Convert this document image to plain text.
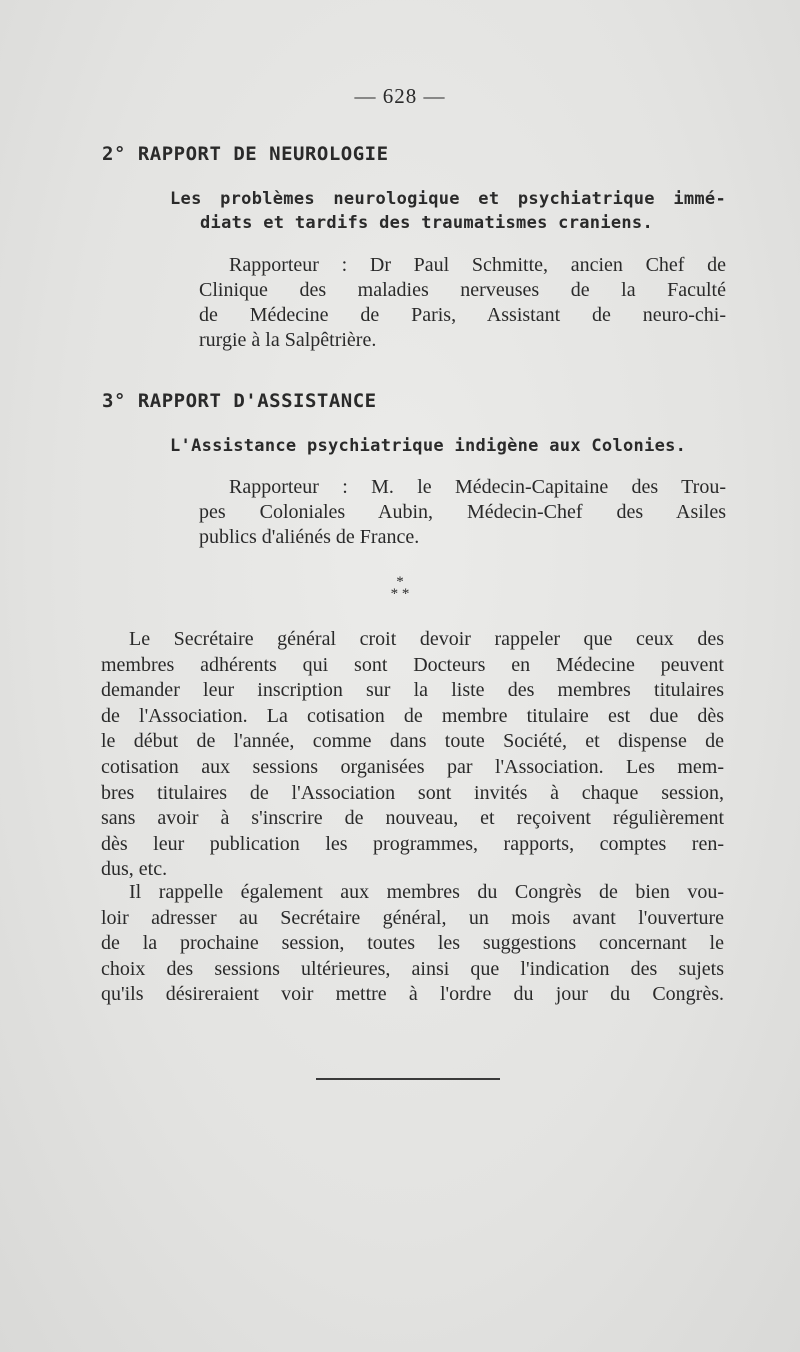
— 628 —
2° RAPPORT DE NEUROLOGIE
Les problèmes neurologique et psychiatrique immé-
diats et tardifs des traumatismes craniens.
Rapporteur : Dr Paul Schmitte, ancien Chef de
Clinique des maladies nerveuses de la Faculté
de Médecine de Paris, Assistant de neuro-chi-
rurgie à la Salpêtrière.
3° RAPPORT D'ASSISTANCE
L'Assistance psychiatrique indigène aux Colonies.
Rapporteur : M. le Médecin-Capitaine des Trou-
pes Coloniales Aubin, Médecin-Chef des Asiles
publics d'aliénés de France.
*
* *
Le Secrétaire général croit devoir rappeler que ceux des
membres adhérents qui sont Docteurs en Médecine peuvent
demander leur inscription sur la liste des membres titulaires
de l'Association. La cotisation de membre titulaire est due dès
le début de l'année, comme dans toute Société, et dispense de
cotisation aux sessions organisées par l'Association. Les mem-
bres titulaires de l'Association sont invités à chaque session,
sans avoir à s'inscrire de nouveau, et reçoivent régulièrement
dès leur publication les programmes, rapports, comptes ren-
dus, etc.
Il rappelle également aux membres du Congrès de bien vou-
loir adresser au Secrétaire général, un mois avant l'ouverture
de la prochaine session, toutes les suggestions concernant le
choix des sessions ultérieures, ainsi que l'indication des sujets
qu'ils désireraient voir mettre à l'ordre du jour du Congrès.
